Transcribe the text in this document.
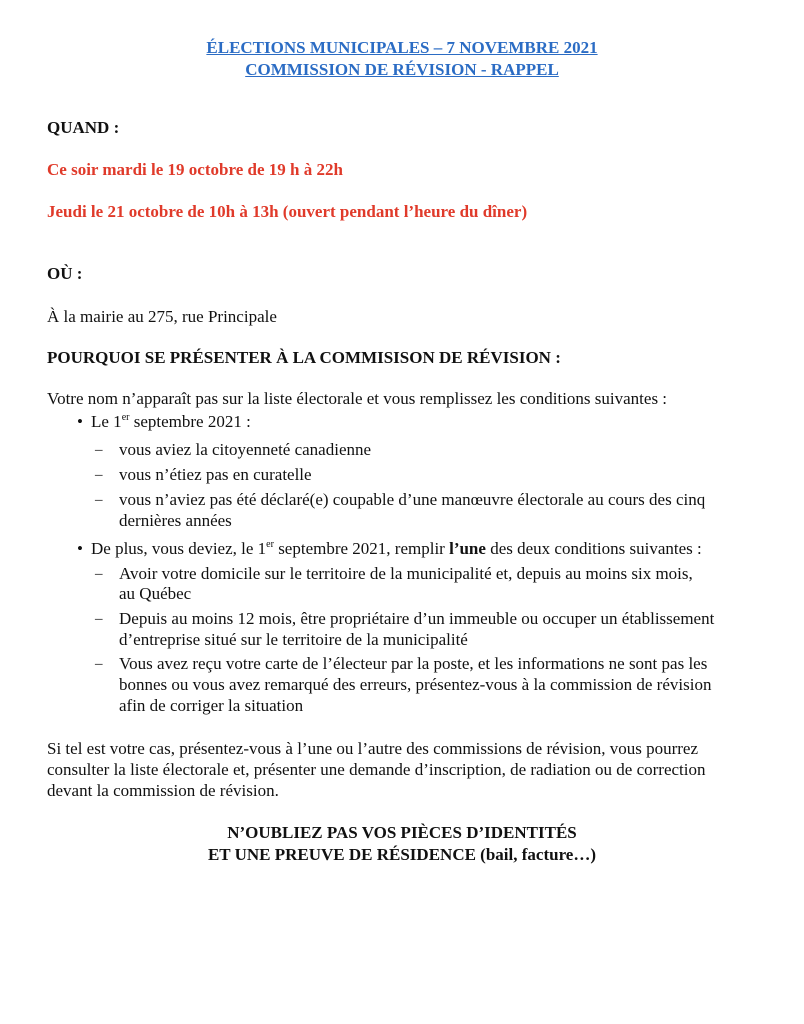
ÉLECTIONS MUNICIPALES – 7 NOVEMBRE 2021
COMMISSION DE RÉVISION - RAPPEL
QUAND :
Ce soir mardi le 19 octobre de 19 h à 22h
Jeudi le 21 octobre de 10h à 13h (ouvert pendant l’heure du dîner)
OÙ :
À la mairie au 275, rue Principale
POURQUOI SE PRÉSENTER À LA COMMISISON DE RÉVISION :
Votre nom n’apparaît pas sur la liste électorale et vous remplissez les conditions suivantes :
• Le 1er septembre 2021 :
– vous aviez la citoyenneté canadienne
– vous n’étiez pas en curatelle
– vous n’aviez pas été déclaré(e) coupable d’une manœuvre électorale au cours des cinq
dernières années
• De plus, vous deviez, le 1er septembre 2021, remplir l’une des deux conditions suivantes :
– Avoir votre domicile sur le territoire de la municipalité et, depuis au moins six mois,
au Québec
– Depuis au moins 12 mois, être propriétaire d’un immeuble ou occuper un établissement
d’entreprise situé sur le territoire de la municipalité
– Vous avez reçu votre carte de l’électeur par la poste, et les informations ne sont pas les
bonnes ou vous avez remarqué des erreurs, présentez-vous à la commission de révision
afin de corriger la situation
Si tel est votre cas, présentez-vous à l’une ou l’autre des commissions de révision, vous pourrez
consulter la liste électorale et, présenter une demande d’inscription, de radiation ou de correction
devant la commission de révision.
N’OUBLIEZ PAS VOS PIÈCES D’IDENTITÉS
ET UNE PREUVE DE RÉSIDENCE (bail, facture…)
